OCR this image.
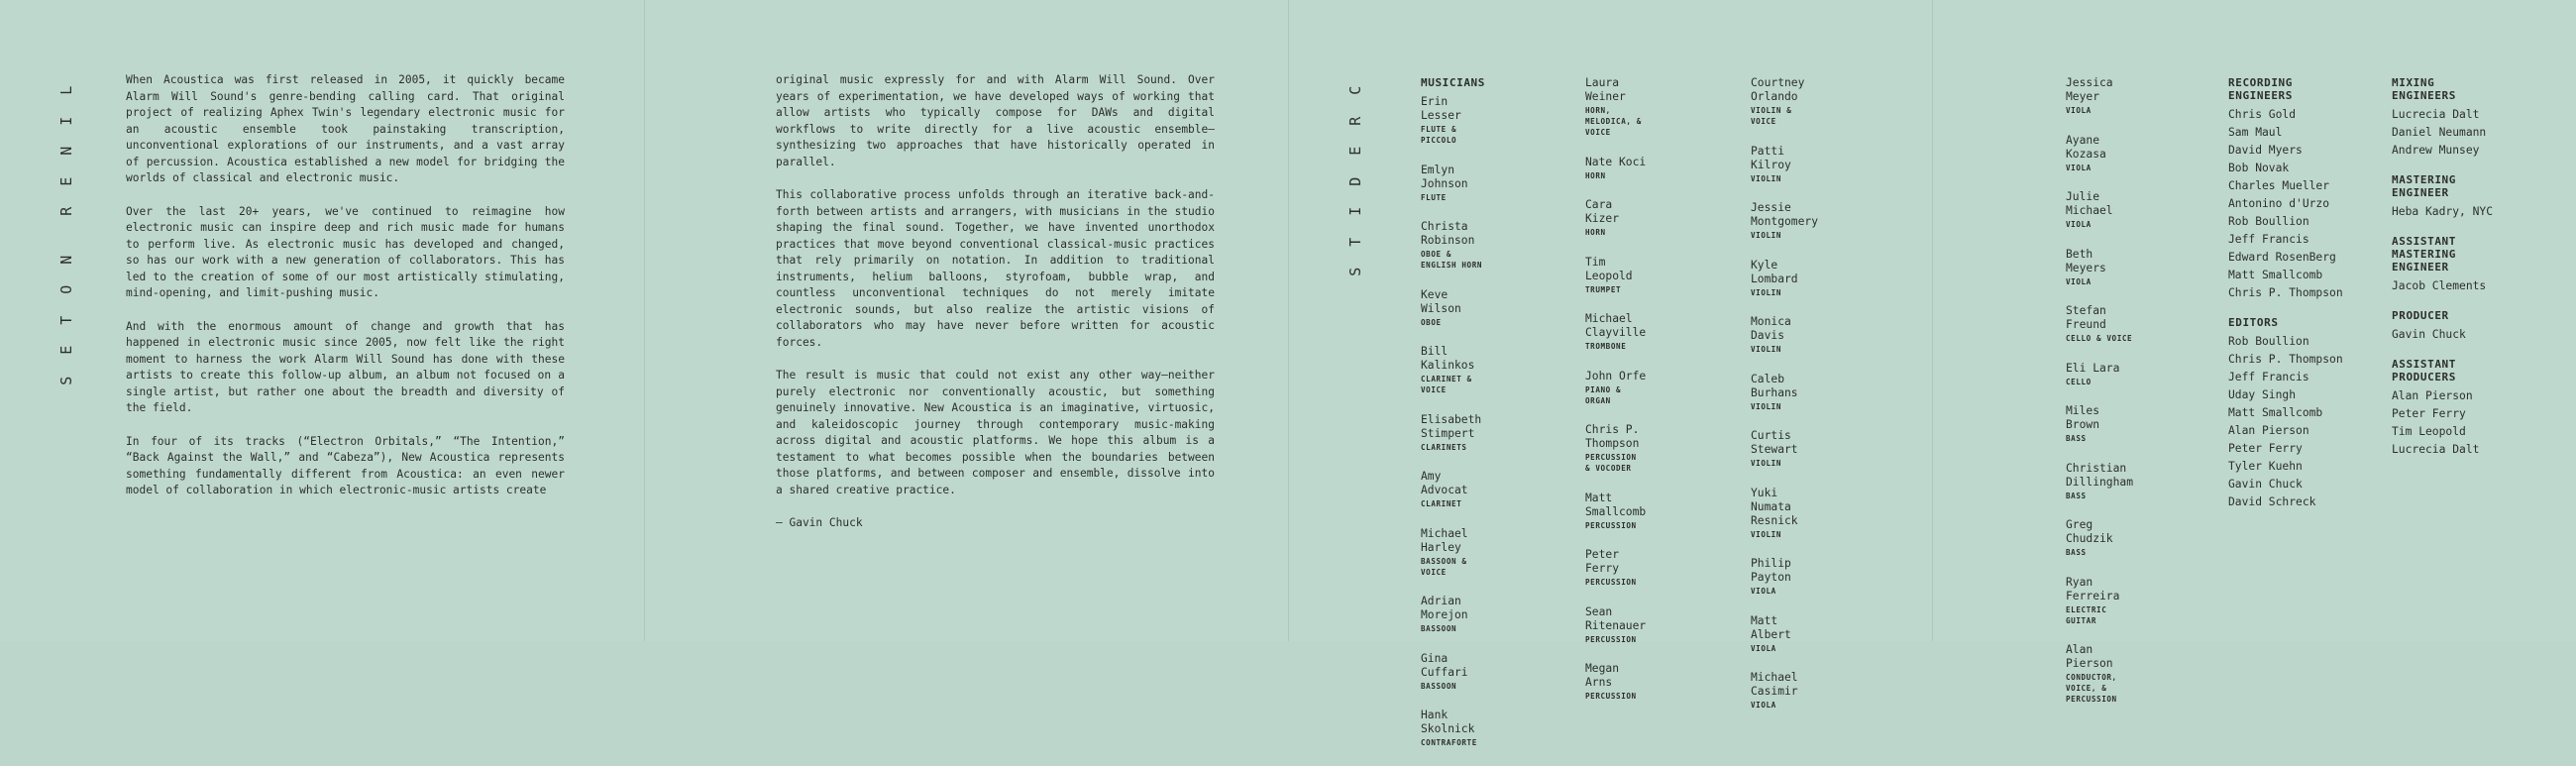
L
I
N
E
R
N
O
T
E
S

When Acoustica was first released in 2005, it quickly became Alarm Will Sound's genre-bending calling card. That original project of realizing Aphex Twin's legendary electronic music for an acoustic ensemble took painstaking transcription, unconventional explorations of our instruments, and a vast array of percussion. Acoustica established a new model for bridging the worlds of classical and electronic music.

Over the last 20+ years, we've continued to reimagine how electronic music can inspire deep and rich music made for humans to perform live. As electronic music has developed and changed, so has our work with a new generation of collaborators. This has led to the creation of some of our most artistically stimulating, mind-opening, and limit-pushing music.

And with the enormous amount of change and growth that has happened in electronic music since 2005, now felt like the right moment to harness the work Alarm Will Sound has done with these artists to create this follow-up album, an album not focused on a single artist, but rather one about the breadth and diversity of the field.

In four of its tracks (“Electron Orbitals,” “The Intention,” “Back Against the Wall,” and “Cabeza”), New Acoustica represents something fundamentally different from Acoustica: an even newer model of collaboration in which electronic-music artists create

original music expressly for and with Alarm Will Sound. Over years of experimentation, we have developed ways of working that allow artists who typically compose for DAWs and digital workflows to write directly for a live acoustic ensemble—synthesizing two approaches that have historically operated in parallel.

This collaborative process unfolds through an iterative back-and-forth between artists and arrangers, with musicians in the studio shaping the final sound. Together, we have invented unorthodox practices that move beyond conventional classical-music practices that rely primarily on notation. In addition to traditional instruments, helium balloons, styrofoam, bubble wrap, and countless unconventional techniques do not merely imitate electronic sounds, but also realize the artistic visions of collaborators who may have never before written for acoustic forces.

The result is music that could not exist any other way—neither purely electronic nor conventionally acoustic, but something genuinely innovative. New Acoustica is an imaginative, virtuosic, and kaleidoscopic journey through contemporary music-making across digital and acoustic platforms. We hope this album is a testament to what becomes possible when the boundaries between those platforms, and between composer and ensemble, dissolve into a shared creative practice.

— Gavin Chuck

C
R
E
D
I
T
S
MUSICIANS
Erin Lesser
FLUTE & PICCOLO
Emlyn Johnson
FLUTE
Christa Robinson
OBOE & ENGLISH HORN
Keve Wilson
OBOE
Bill Kalinkos
CLARINET & VOICE
Elisabeth Stimpert
CLARINETS
Amy Advocat
CLARINET
Michael Harley
BASSOON & VOICE
Adrian Morejon
BASSOON
Gina Cuffari
BASSOON
Hank Skolnick
CONTRAFORTE
Laura Weiner
HORN, MELODICA, & VOICE
Nate Koci
HORN
Cara Kizer
HORN
Tim Leopold
TRUMPET
Michael Clayville
TROMBONE
John Orfe
PIANO & ORGAN
Chris P. Thompson
PERCUSSION & VOCODER
Matt Smallcomb
PERCUSSION
Peter Ferry
PERCUSSION
Sean Ritenauer
PERCUSSION
Megan Arns
PERCUSSION
Courtney Orlando
VIOLIN & VOICE
Patti Kilroy
VIOLIN
Jessie Montgomery
VIOLIN
Kyle Lombard
VIOLIN
Monica Davis
VIOLIN
Caleb Burhans
VIOLIN
Curtis Stewart
VIOLIN
Yuki Numata Resnick
VIOLIN
Philip Payton
VIOLA
Matt Albert
VIOLA
Michael Casimir
VIOLA
Jessica Meyer
VIOLA
Ayane Kozasa
VIOLA
Julie Michael
VIOLA
Beth Meyers
VIOLA
Stefan Freund
CELLO & VOICE
Eli Lara
CELLO
Miles Brown
BASS
Christian Dillingham
BASS
Greg Chudzik
BASS
Ryan Ferreira
ELECTRIC GUITAR
Alan Pierson
CONDUCTOR, VOICE, & PERCUSSION
RECORDING ENGINEERS
Chris Gold
Sam Maul
David Myers
Bob Novak
Charles Mueller
Antonino d'Urzo
Rob Boullion
Jeff Francis
Edward RosenBerg
Matt Smallcomb
Chris P. Thompson
EDITORS
Rob Boullion
Chris P. Thompson
Jeff Francis
Uday Singh
Matt Smallcomb
Alan Pierson
Peter Ferry
Tyler Kuehn
Gavin Chuck
David Schreck
MIXING ENGINEERS
Lucrecia Dalt
Daniel Neumann
Andrew Munsey
MASTERING ENGINEER
Heba Kadry, NYC
ASSISTANT MASTERING ENGINEER
Jacob Clements
PRODUCER
Gavin Chuck
ASSISTANT PRODUCERS
Alan Pierson
Peter Ferry
Tim Leopold
Lucrecia Dalt
